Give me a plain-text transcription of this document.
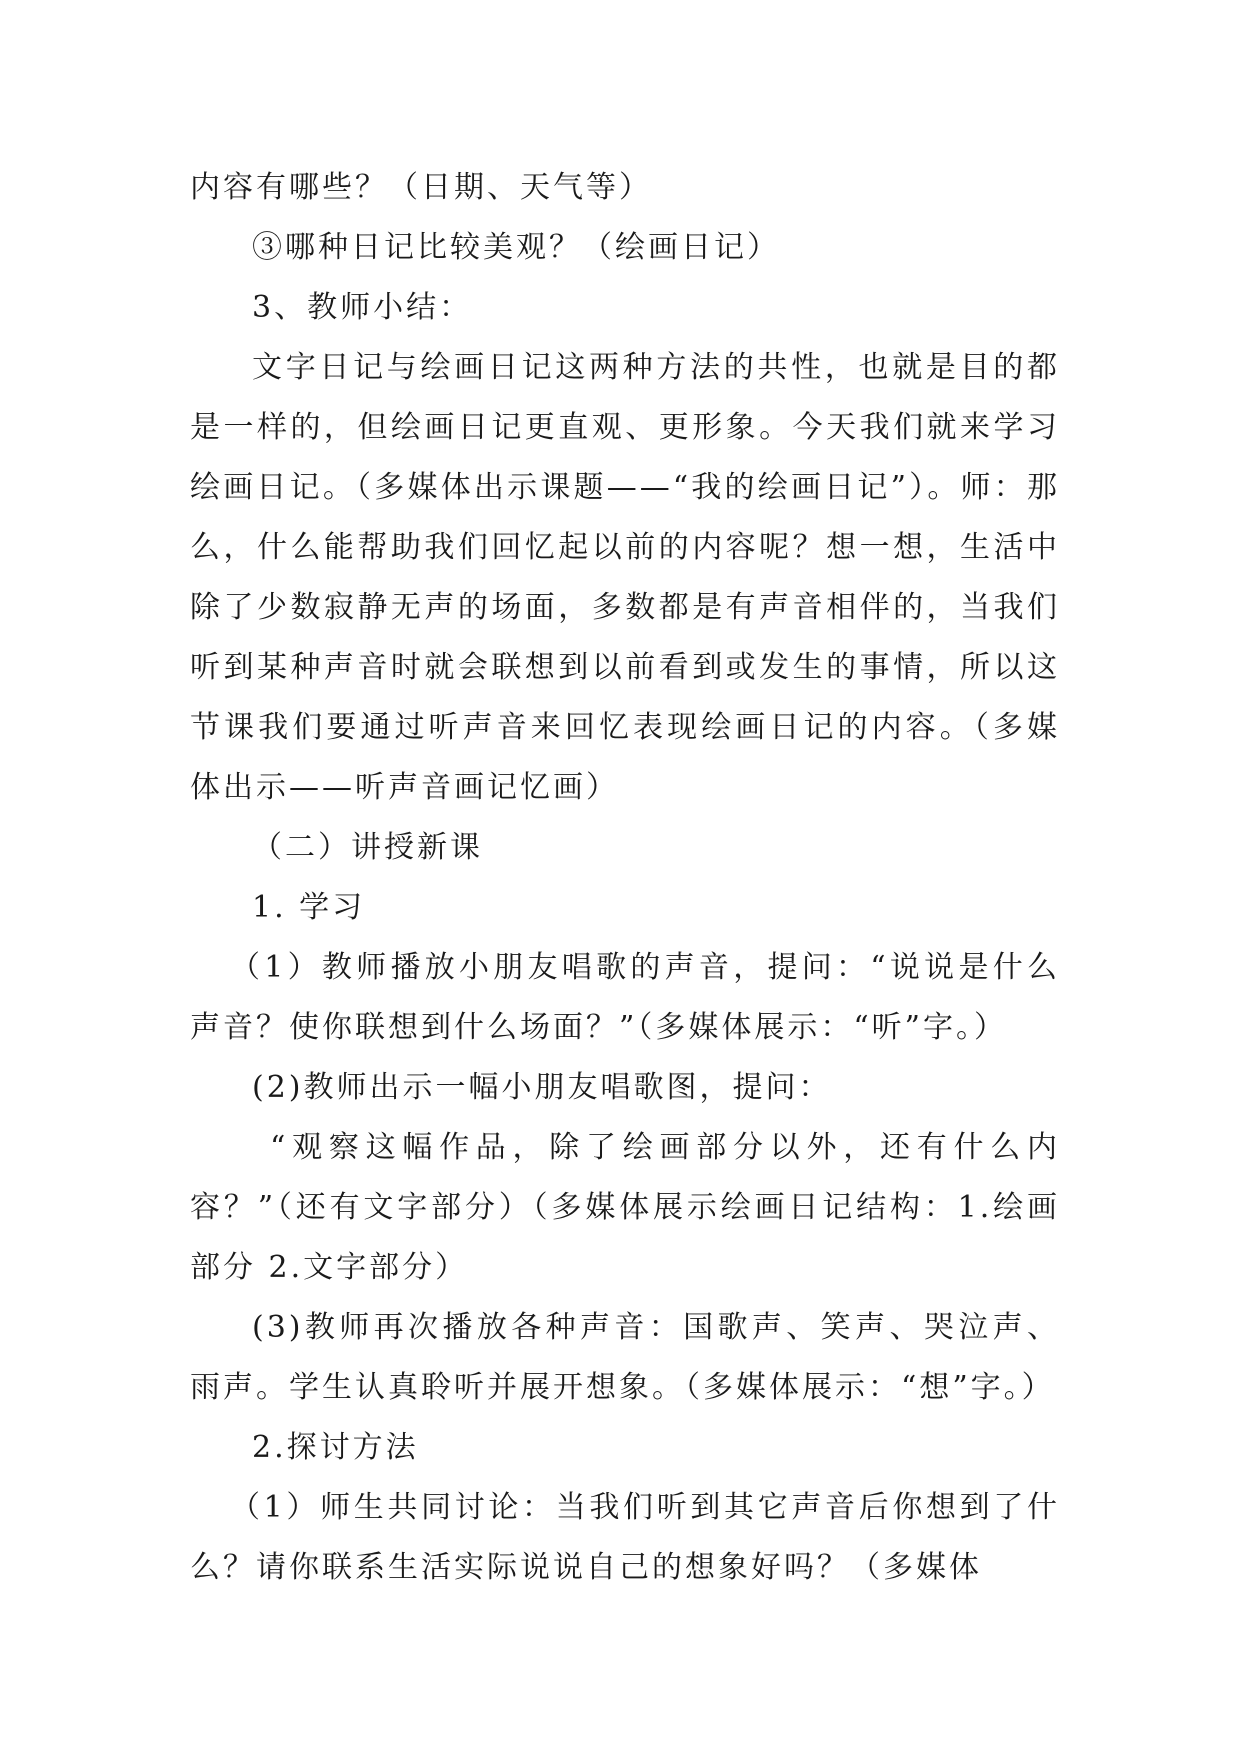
内容有哪些？（日期、天气等）

③哪种日记比较美观？（绘画日记）

3、教师小结：

文字日记与绘画日记这两种方法的共性，也就是目的都是一样的，但绘画日记更直观、更形象。今天我们就来学习绘画日记。（多媒体出示课题——“我的绘画日记”）。师：那么，什么能帮助我们回忆起以前的内容呢？想一想，生活中除了少数寂静无声的场面，多数都是有声音相伴的，当我们听到某种声音时就会联想到以前看到或发生的事情，所以这节课我们要通过听声音来回忆表现绘画日记的内容。（多媒体出示——听声音画记忆画）

（二）讲授新课

1. 学习

（1）教师播放小朋友唱歌的声音，提问：“说说是什么声音？使你联想到什么场面？”（多媒体展示：“听”字。）

(2)教师出示一幅小朋友唱歌图，提问：

“观察这幅作品，除了绘画部分以外，还有什么内容？”（还有文字部分）（多媒体展示绘画日记结构：1.绘画部分 2.文字部分）

(3)教师再次播放各种声音：国歌声、笑声、哭泣声、雨声。学生认真聆听并展开想象。（多媒体展示：“想”字。）

2.探讨方法

（1）师生共同讨论：当我们听到其它声音后你想到了什么？请你联系生活实际说说自己的想象好吗？（多媒体
